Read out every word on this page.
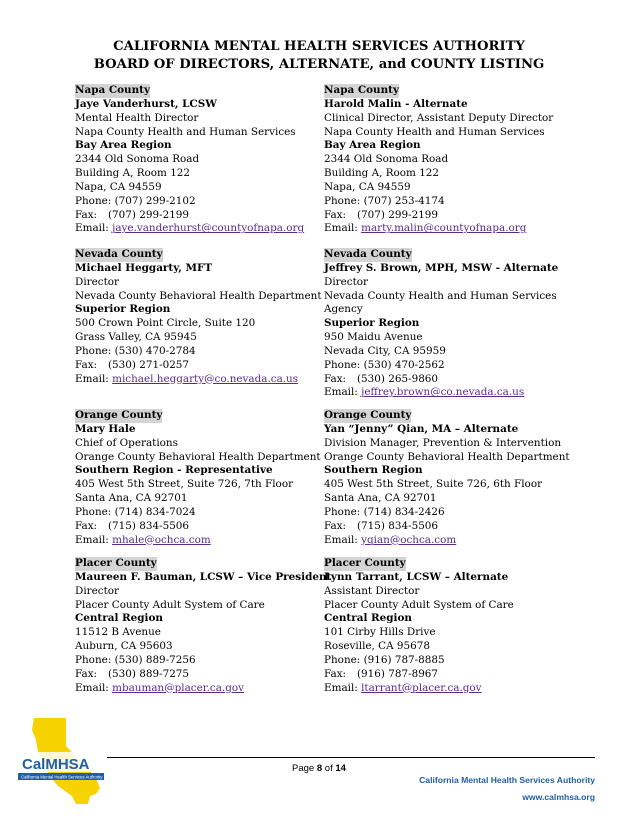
CALIFORNIA MENTAL HEALTH SERVICES AUTHORITY
BOARD OF DIRECTORS, ALTERNATE, and COUNTY LISTING
Napa County
Jaye Vanderhurst, LCSW
Mental Health Director
Napa County Health and Human Services
Bay Area Region
2344 Old Sonoma Road
Building A, Room 122
Napa, CA 94559
Phone: (707) 299-2102
Fax: (707) 299-2199
Email: jaye.vanderhurst@countyofnapa.org
Nevada County
Michael Heggarty, MFT
Director
Nevada County Behavioral Health Department
Superior Region
500 Crown Point Circle, Suite 120
Grass Valley, CA 95945
Phone: (530) 470-2784
Fax: (530) 271-0257
Email: michael.heggarty@co.nevada.ca.us
Orange County
Mary Hale
Chief of Operations
Orange County Behavioral Health Department
Southern Region - Representative
405 West 5th Street, Suite 726, 7th Floor
Santa Ana, CA 92701
Phone: (714) 834-7024
Fax: (715) 834-5506
Email: mhale@ochca.com
Placer County
Maureen F. Bauman, LCSW – Vice President
Director
Placer County Adult System of Care
Central Region
11512 B Avenue
Auburn, CA 95603
Phone: (530) 889-7256
Fax: (530) 889-7275
Email: mbauman@placer.ca.gov
Napa County
Harold Malin - Alternate
Clinical Director, Assistant Deputy Director
Napa County Health and Human Services
Bay Area Region
2344 Old Sonoma Road
Building A, Room 122
Napa, CA 94559
Phone: (707) 253-4174
Fax: (707) 299-2199
Email: marty.malin@countyofnapa.org
Nevada County
Jeffrey S. Brown, MPH, MSW - Alternate
Director
Nevada County Health and Human Services
Agency
Superior Region
950 Maidu Avenue
Nevada City, CA 95959
Phone: (530) 470-2562
Fax: (530) 265-9860
Email: jeffrey.brown@co.nevada.ca.us
Orange County
Yan “Jenny” Qian, MA – Alternate
Division Manager, Prevention & Intervention
Orange County Behavioral Health Department
Southern Region
405 West 5th Street, Suite 726, 6th Floor
Santa Ana, CA 92701
Phone: (714) 834-2426
Fax: (715) 834-5506
Email: yqian@ochca.com
Placer County
Lynn Tarrant, LCSW – Alternate
Assistant Director
Placer County Adult System of Care
Central Region
101 Cirby Hills Drive
Roseville, CA 95678
Phone: (916) 787-8885
Fax: (916) 787-8967
Email: ltarrant@placer.ca.gov
CalMHSA
California Mental Health Services Authority
Page 8 of 14
California Mental Health Services Authority
www.calmhsa.org
